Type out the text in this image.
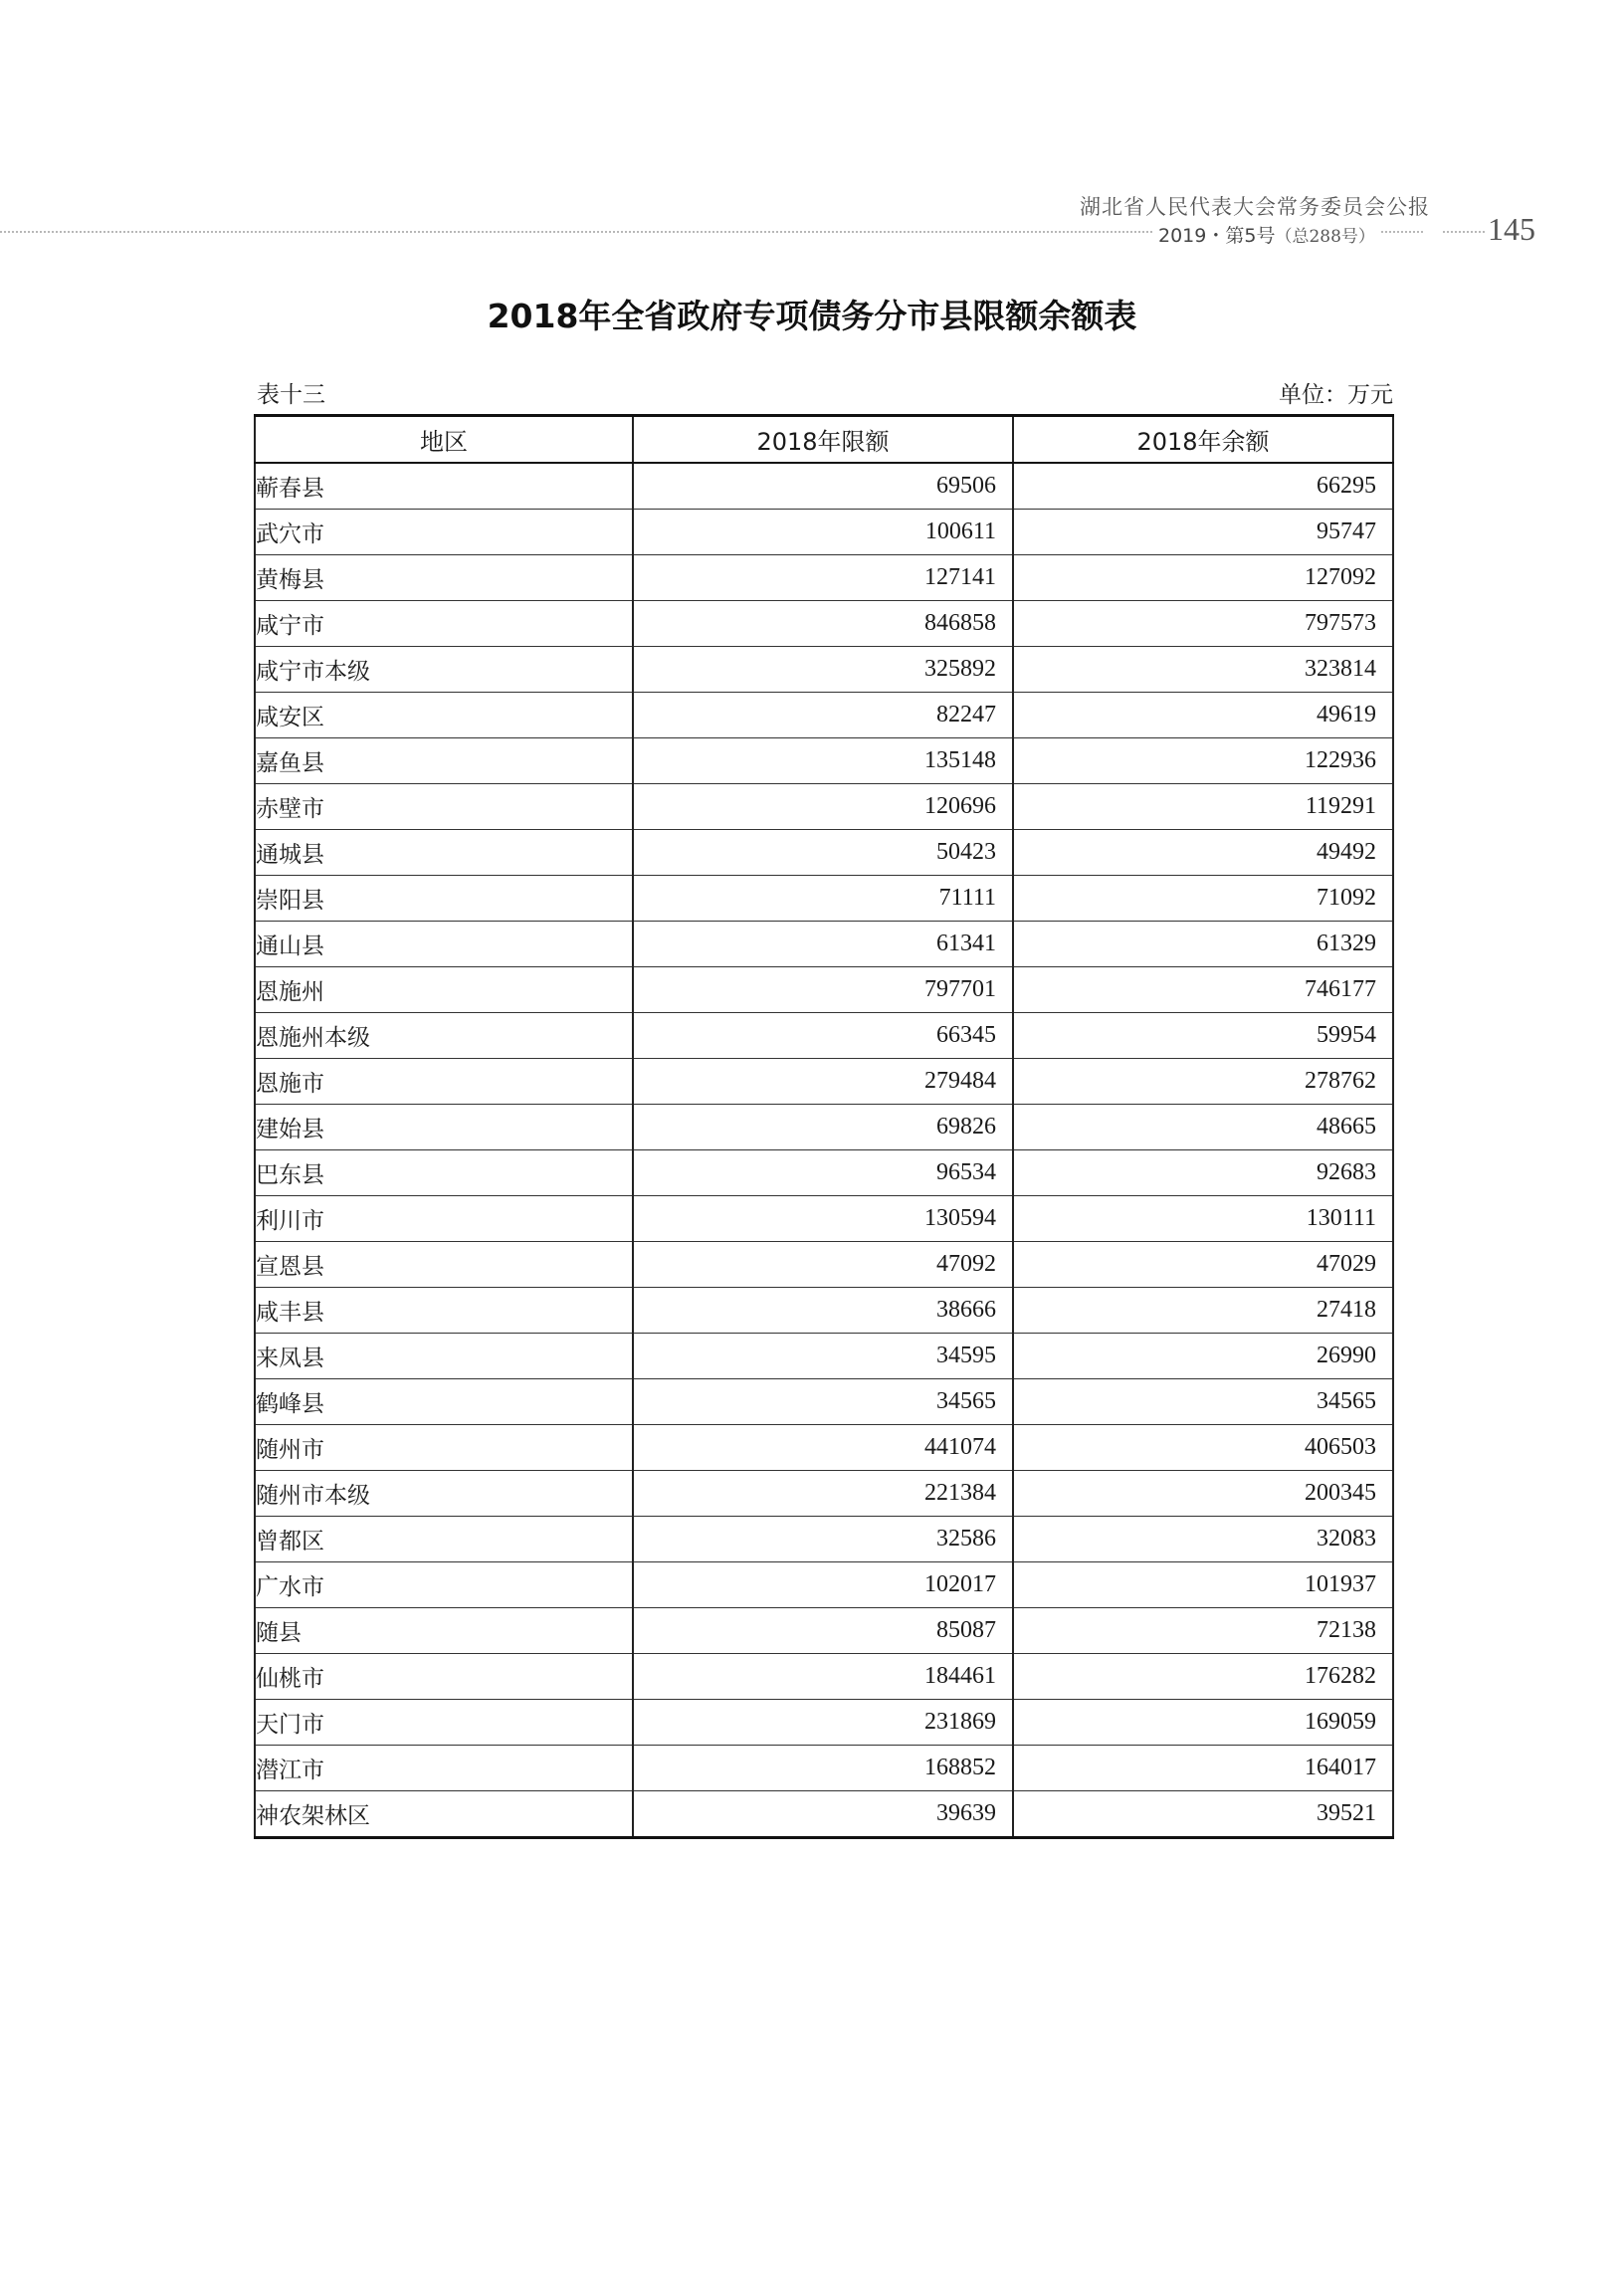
湖北省人民代表大会常务委员会公报
2019・第5号（总288号）	145
2018年全省政府专项债务分市县限额余额表
表十三	单位：万元
地区	2018年限额	2018年余额
蕲春县	69506	66295
武穴市	100611	95747
黄梅县	127141	127092
咸宁市	846858	797573
咸宁市本级	325892	323814
咸安区	82247	49619
嘉鱼县	135148	122936
赤壁市	120696	119291
通城县	50423	49492
崇阳县	71111	71092
通山县	61341	61329
恩施州	797701	746177
恩施州本级	66345	59954
恩施市	279484	278762
建始县	69826	48665
巴东县	96534	92683
利川市	130594	130111
宣恩县	47092	47029
咸丰县	38666	27418
来凤县	34595	26990
鹤峰县	34565	34565
随州市	441074	406503
随州市本级	221384	200345
曾都区	32586	32083
广水市	102017	101937
随县	85087	72138
仙桃市	184461	176282
天门市	231869	169059
潜江市	168852	164017
神农架林区	39639	39521
